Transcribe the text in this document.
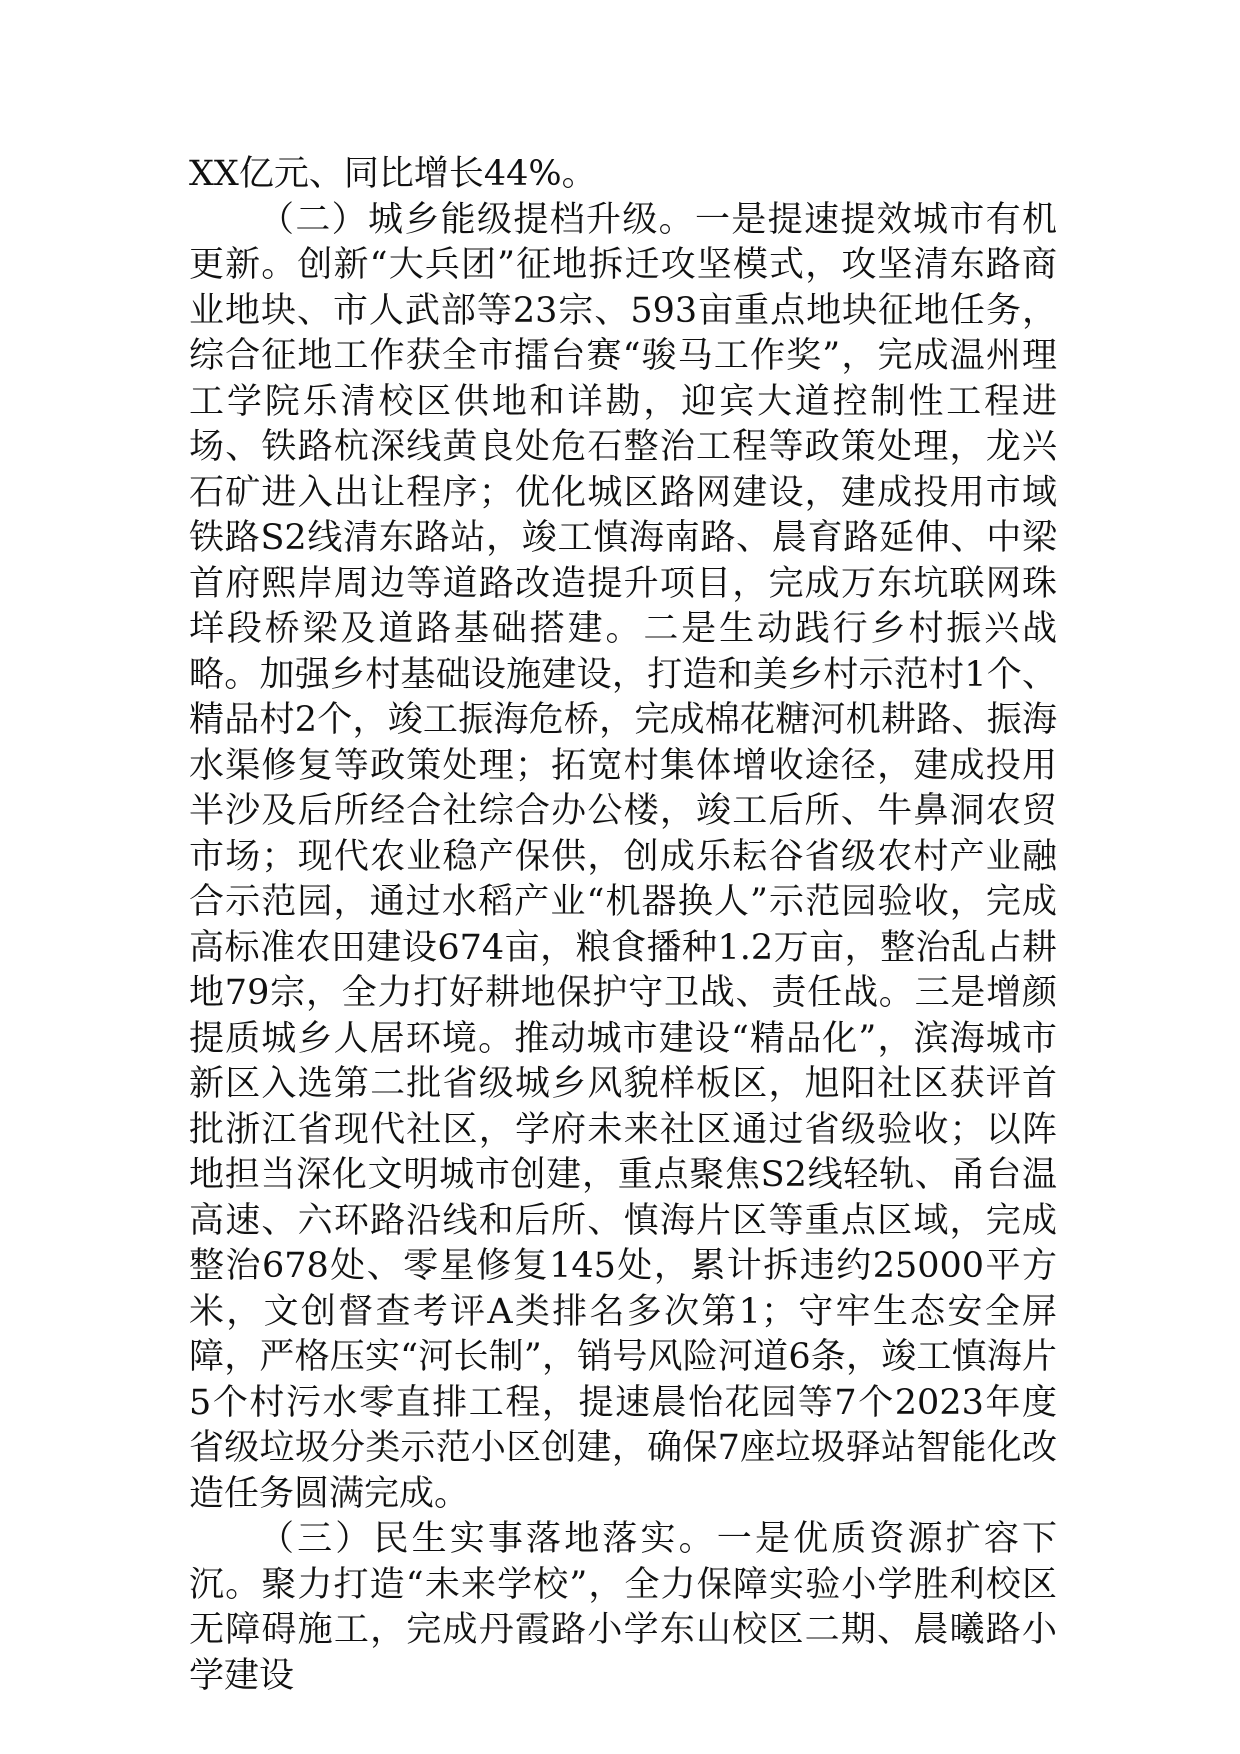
XX亿元、同比增长44%。

（二）城乡能级提档升级。一是提速提效城市有机更新。创新“大兵团”征地拆迁攻坚模式，攻坚清东路商业地块、市人武部等23宗、593亩重点地块征地任务，综合征地工作获全市擂台赛“骏马工作奖”，完成温州理工学院乐清校区供地和详勘，迎宾大道控制性工程进场、铁路杭深线黄良处危石整治工程等政策处理，龙兴石矿进入出让程序；优化城区路网建设，建成投用市域铁路S2线清东路站，竣工慎海南路、晨育路延伸、中梁首府熙岸周边等道路改造提升项目，完成万东坑联网珠垟段桥梁及道路基础搭建。二是生动践行乡村振兴战略。加强乡村基础设施建设，打造和美乡村示范村1个、精品村2个，竣工振海危桥，完成棉花糖河机耕路、振海水渠修复等政策处理；拓宽村集体增收途径，建成投用半沙及后所经合社综合办公楼，竣工后所、牛鼻洞农贸市场；现代农业稳产保供，创成乐耘谷省级农村产业融合示范园，通过水稻产业“机器换人”示范园验收，完成高标准农田建设674亩，粮食播种1.2万亩，整治乱占耕地79宗，全力打好耕地保护守卫战、责任战。三是增颜提质城乡人居环境。推动城市建设“精品化”，滨海城市新区入选第二批省级城乡风貌样板区，旭阳社区获评首批浙江省现代社区，学府未来社区通过省级验收；以阵地担当深化文明城市创建，重点聚焦S2线轻轨、甬台温高速、六环路沿线和后所、慎海片区等重点区域，完成整治678处、零星修复145处，累计拆违约25000平方米，文创督查考评A类排名多次第1；守牢生态安全屏障，严格压实“河长制”，销号风险河道6条，竣工慎海片5个村污水零直排工程，提速晨怡花园等7个2023年度省级垃圾分类示范小区创建，确保7座垃圾驿站智能化改造任务圆满完成。

（三）民生实事落地落实。一是优质资源扩容下沉。聚力打造“未来学校”，全力保障实验小学胜利校区无障碍施工，完成丹霞路小学东山校区二期、晨曦路小学建设
